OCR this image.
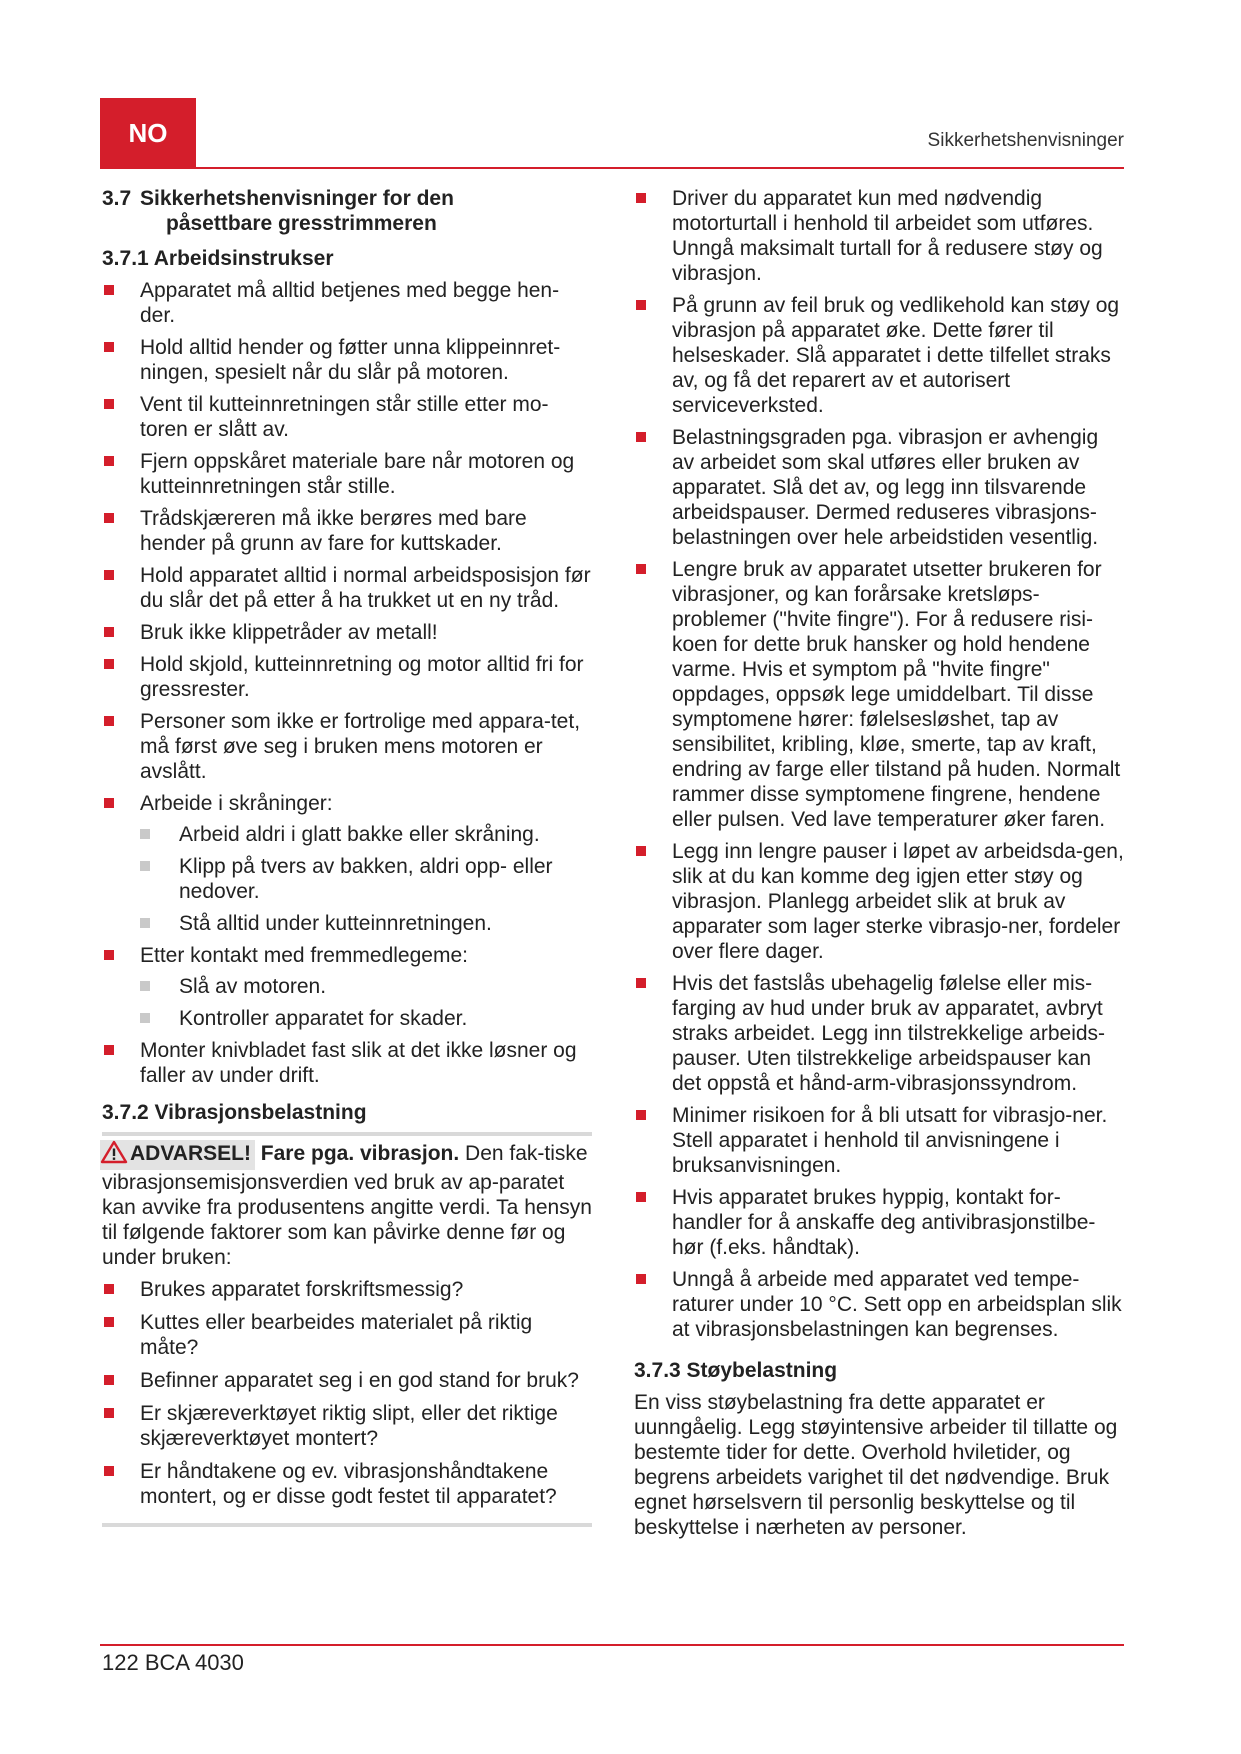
NO	Sikkerhetshenvisninger
3.7 Sikkerhetshenvisninger for den
påsettbare gresstrimmeren
3.7.1 Arbeidsinstrukser
Apparatet må alltid betjenes med begge hen-der.
Hold alltid hender og føtter unna klippeinnret-ningen, spesielt når du slår på motoren.
Vent til kutteinnretningen står stille etter mo-toren er slått av.
Fjern oppskåret materiale bare når motoren og kutteinnretningen står stille.
Trådskjæreren må ikke berøres med bare hender på grunn av fare for kuttskader.
Hold apparatet alltid i normal arbeidsposisjon før du slår det på etter å ha trukket ut en ny tråd.
Bruk ikke klippetråder av metall!
Hold skjold, kutteinnretning og motor alltid fri for gressrester.
Personer som ikke er fortrolige med appara-tet, må først øve seg i bruken mens motoren er avslått.
Arbeide i skråninger:
Arbeid aldri i glatt bakke eller skråning.
Klipp på tvers av bakken, aldri opp- eller nedover.
Stå alltid under kutteinnretningen.
Etter kontakt med fremmedlegeme:
Slå av motoren.
Kontroller apparatet for skader.
Monter knivbladet fast slik at det ikke løsner og faller av under drift.
3.7.2 Vibrasjonsbelastning

ADVARSEL! Fare pga. vibrasjon. Den fak-tiske vibrasjonsemisjonsverdien ved bruk av ap-paratet kan avvike fra produsentens angitte verdi. Ta hensyn til følgende faktorer som kan påvirke denne før og under bruken:

Brukes apparatet forskriftsmessig?
Kuttes eller bearbeides materialet på riktig måte?
Befinner apparatet seg i en god stand for bruk?
Er skjæreverktøyet riktig slipt, eller det riktige skjæreverktøyet montert?
Er håndtakene og ev. vibrasjonshåndtakene montert, og er disse godt festet til apparatet?
Driver du apparatet kun med nødvendig motorturtall i henhold til arbeidet som utføres. Unngå maksimalt turtall for å redusere støy og vibrasjon.
På grunn av feil bruk og vedlikehold kan støy og vibrasjon på apparatet øke. Dette fører til helseskader. Slå apparatet i dette tilfellet straks av, og få det reparert av et autorisert serviceverksted.
Belastningsgraden pga. vibrasjon er avhengig av arbeidet som skal utføres eller bruken av apparatet. Slå det av, og legg inn tilsvarende arbeidspauser. Dermed reduseres vibrasjons-belastningen over hele arbeidstiden vesentlig.
Lengre bruk av apparatet utsetter brukeren for vibrasjoner, og kan forårsake kretsløps-problemer ("hvite fingre"). For å redusere risi-koen for dette bruk hansker og hold hendene varme. Hvis et symptom på "hvite fingre" oppdages, oppsøk lege umiddelbart. Til disse symptomene hører: følelsesløshet, tap av sensibilitet, kribling, kløe, smerte, tap av kraft, endring av farge eller tilstand på huden. Normalt rammer disse symptomene fingrene, hendene eller pulsen. Ved lave temperaturer øker faren.
Legg inn lengre pauser i løpet av arbeidsda-gen, slik at du kan komme deg igjen etter støy og vibrasjon. Planlegg arbeidet slik at bruk av apparater som lager sterke vibrasjo-ner, fordeler over flere dager.
Hvis det fastslås ubehagelig følelse eller mis-farging av hud under bruk av apparatet, avbryt straks arbeidet. Legg inn tilstrekkelige arbeids-pauser. Uten tilstrekkelige arbeidspauser kan det oppstå et hånd-arm-vibrasjonssyndrom.
Minimer risikoen for å bli utsatt for vibrasjo-ner. Stell apparatet i henhold til anvisningene i bruksanvisningen.
Hvis apparatet brukes hyppig, kontakt for-handler for å anskaffe deg antivibrasjonstilbe-hør (f.eks. håndtak).
Unngå å arbeide med apparatet ved tempe-raturer under 10 °C. Sett opp en arbeidsplan slik at vibrasjonsbelastningen kan begrenses.
3.7.3 Støybelastning

En viss støybelastning fra dette apparatet er uunngåelig. Legg støyintensive arbeider til tillatte og bestemte tider for dette. Overhold hviletider, og begrens arbeidets varighet til det nødvendige. Bruk egnet hørselsvern til personlig beskyttelse og til beskyttelse i nærheten av personer.

122 BCA 4030
